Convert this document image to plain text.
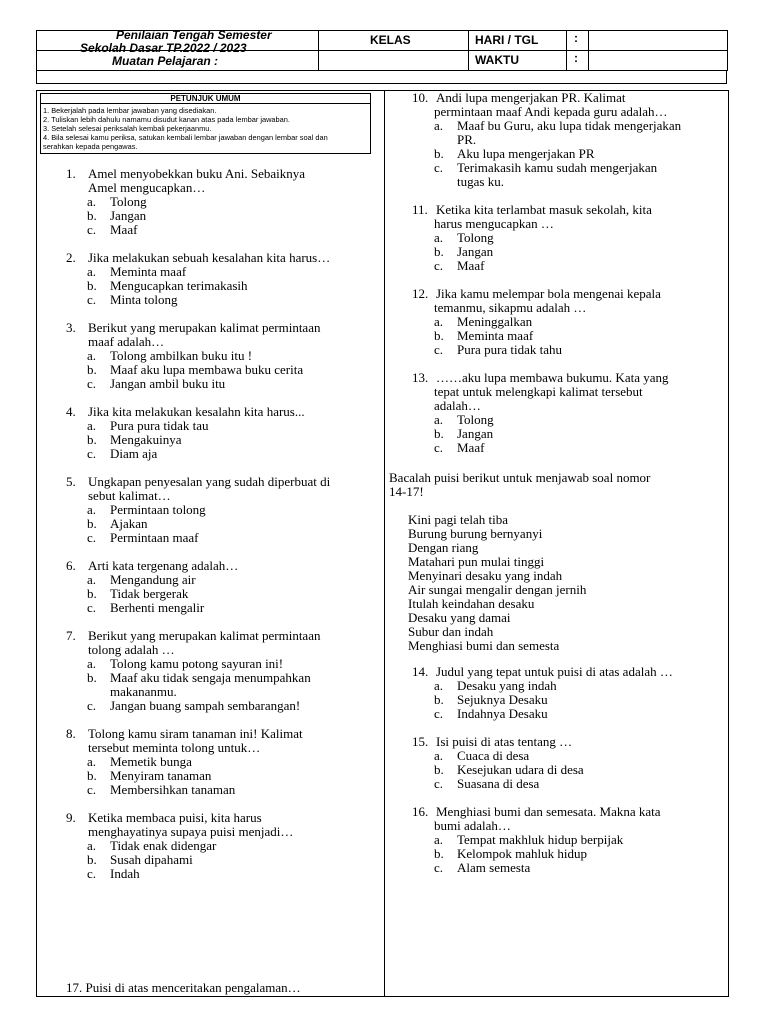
Penilaian Tengah Semester
Sekolah Dasar TP.2022 / 2023
Muatan Pelajaran :
KELAS	HARI / TGL
WAKTU
:
:
PETUNJUK UMUM
1. Bekerjalah pada lembar jawaban yang disediakan.
2. Tuliskan lebih dahulu namamu disudut kanan atas pada lembar jawaban.
3. Setelah selesai periksalah kembali pekerjaanmu.
4. Bila selesai kamu periksa, satukan kembali lembar jawaban dengan lembar soal dan
serahkan kepada pengawas.
1. Amel menyobekkan buku Ani. Sebaiknya
Amel mengucapkan…
a. Tolong
b. Jangan
c. Maaf
2. Jika melakukan sebuah kesalahan kita harus…
a. Meminta maaf
b. Mengucapkan terimakasih
c. Minta tolong
3. Berikut yang merupakan kalimat permintaan
maaf adalah…
a. Tolong ambilkan buku itu !
b. Maaf aku lupa membawa buku cerita
c. Jangan ambil buku itu
4. Jika kita melakukan kesalahn kita harus...
a. Pura pura tidak tau
b. Mengakuinya
c. Diam aja
5. Ungkapan penyesalan yang sudah diperbuat di
sebut kalimat…
a. Permintaan tolong
b. Ajakan
c. Permintaan maaf
6. Arti kata tergenang adalah…
a. Mengandung air
b. Tidak bergerak
c. Berhenti mengalir
7. Berikut yang merupakan kalimat permintaan
tolong adalah …
a. Tolong kamu potong sayuran ini!
b. Maaf aku tidak sengaja menumpahkan
makananmu.
c. Jangan buang sampah sembarangan!
8. Tolong kamu siram tanaman ini! Kalimat
tersebut meminta tolong untuk…
a. Memetik bunga
b. Menyiram tanaman
c. Membersihkan tanaman
9. Ketika membaca puisi, kita harus
menghayatinya supaya puisi menjadi…
a. Tidak enak didengar
b. Susah dipahami
c. Indah
17. Puisi di atas menceritakan pengalaman…
10. Andi lupa mengerjakan PR. Kalimat
permintaan maaf Andi kepada guru adalah…
a. Maaf bu Guru, aku lupa tidak mengerjakan
PR.
b. Aku lupa mengerjakan PR
c. Terimakasih kamu sudah mengerjakan
tugas ku.
11. Ketika kita terlambat masuk sekolah, kita
harus mengucapkan …
a. Tolong
b. Jangan
c. Maaf
12. Jika kamu melempar bola mengenai kepala
temanmu, sikapmu adalah …
a. Meninggalkan
b. Meminta maaf
c. Pura pura tidak tahu
13. ……aku lupa membawa bukumu. Kata yang
tepat untuk melengkapi kalimat tersebut
adalah…
a. Tolong
b. Jangan
c. Maaf
14. Judul yang tepat untuk puisi di atas adalah …
a. Desaku yang indah
b. Sejuknya Desaku
c. Indahnya Desaku
15. Isi puisi di atas tentang …
a. Cuaca di desa
b. Kesejukan udara di desa
c. Suasana di desa
16. Menghiasi bumi dan semesata. Makna kata
bumi adalah…
a. Tempat makhluk hidup berpijak
b. Kelompok mahluk hidup
c. Alam semesta
Bacalah puisi berikut untuk menjawab soal nomor
14-17!
Kini pagi telah tiba
Burung burung bernyanyi
Dengan riang
Matahari pun mulai tinggi
Menyinari desaku yang indah
Air sungai mengalir dengan jernih
Itulah keindahan desaku
Desaku yang damai
Subur dan indah
Menghiasi bumi dan semesta
